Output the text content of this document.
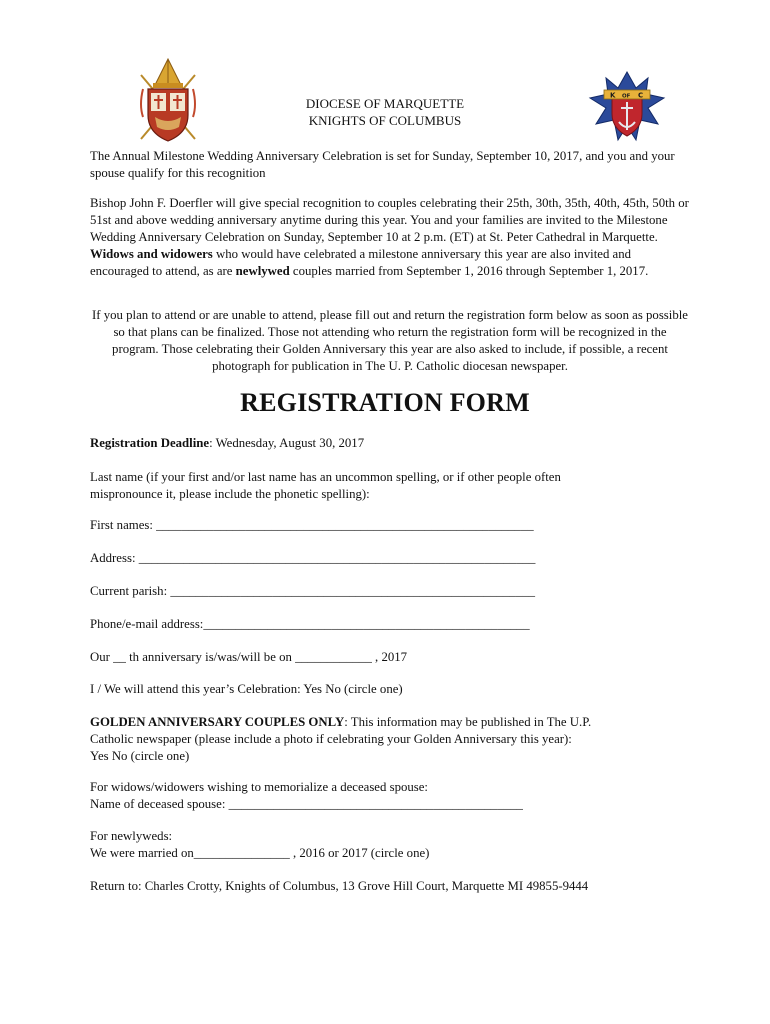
K OF C
DIOCESE OF MARQUETTE
KNIGHTS OF COLUMBUS
The Annual Milestone Wedding Anniversary Celebration is set for Sunday, September 10, 2017, and you and your spouse qualify for this recognition
Bishop John F. Doerfler will give special recognition to couples celebrating their 25th, 30th, 35th, 40th, 45th, 50th or 51st and above wedding anniversary anytime during this year. You and your families are invited to the Milestone Wedding Anniversary Celebration on Sunday, September 10 at 2 p.m. (ET) at St. Peter Cathedral in Marquette. Widows and widowers who would have celebrated a milestone anniversary this year are also invited and encouraged to attend, as are newlywed couples married from September 1, 2016 through September 1, 2017.
If you plan to attend or are unable to attend, please fill out and return the registration form below as soon as possible so that plans can be finalized. Those not attending who return the registration form will be recognized in the program. Those celebrating their Golden Anniversary this year are also asked to include, if possible, a recent photograph for publication in The U. P. Catholic diocesan newspaper.
REGISTRATION FORM
Registration Deadline: Wednesday, August 30, 2017
Last name (if your first and/or last name has an uncommon spelling, or if other people often
mispronounce it, please include the phonetic spelling):
First names: ___________________________________________________________
Address: ______________________________________________________________
Current parish: _________________________________________________________
Phone/e-mail address:___________________________________________________
Our __ th anniversary is/was/will be on ____________ , 2017
I / We will attend this year’s Celebration: Yes No (circle one)
GOLDEN ANNIVERSARY COUPLES ONLY: This information may be published in The U.P.
Catholic newspaper (please include a photo if celebrating your Golden Anniversary this year):
Yes No (circle one)
For widows/widowers wishing to memorialize a deceased spouse:
Name of deceased spouse: ______________________________________________
For newlyweds:
We were married on_______________ , 2016 or 2017 (circle one)
Return to: Charles Crotty, Knights of Columbus, 13 Grove Hill Court, Marquette MI 49855-9444
